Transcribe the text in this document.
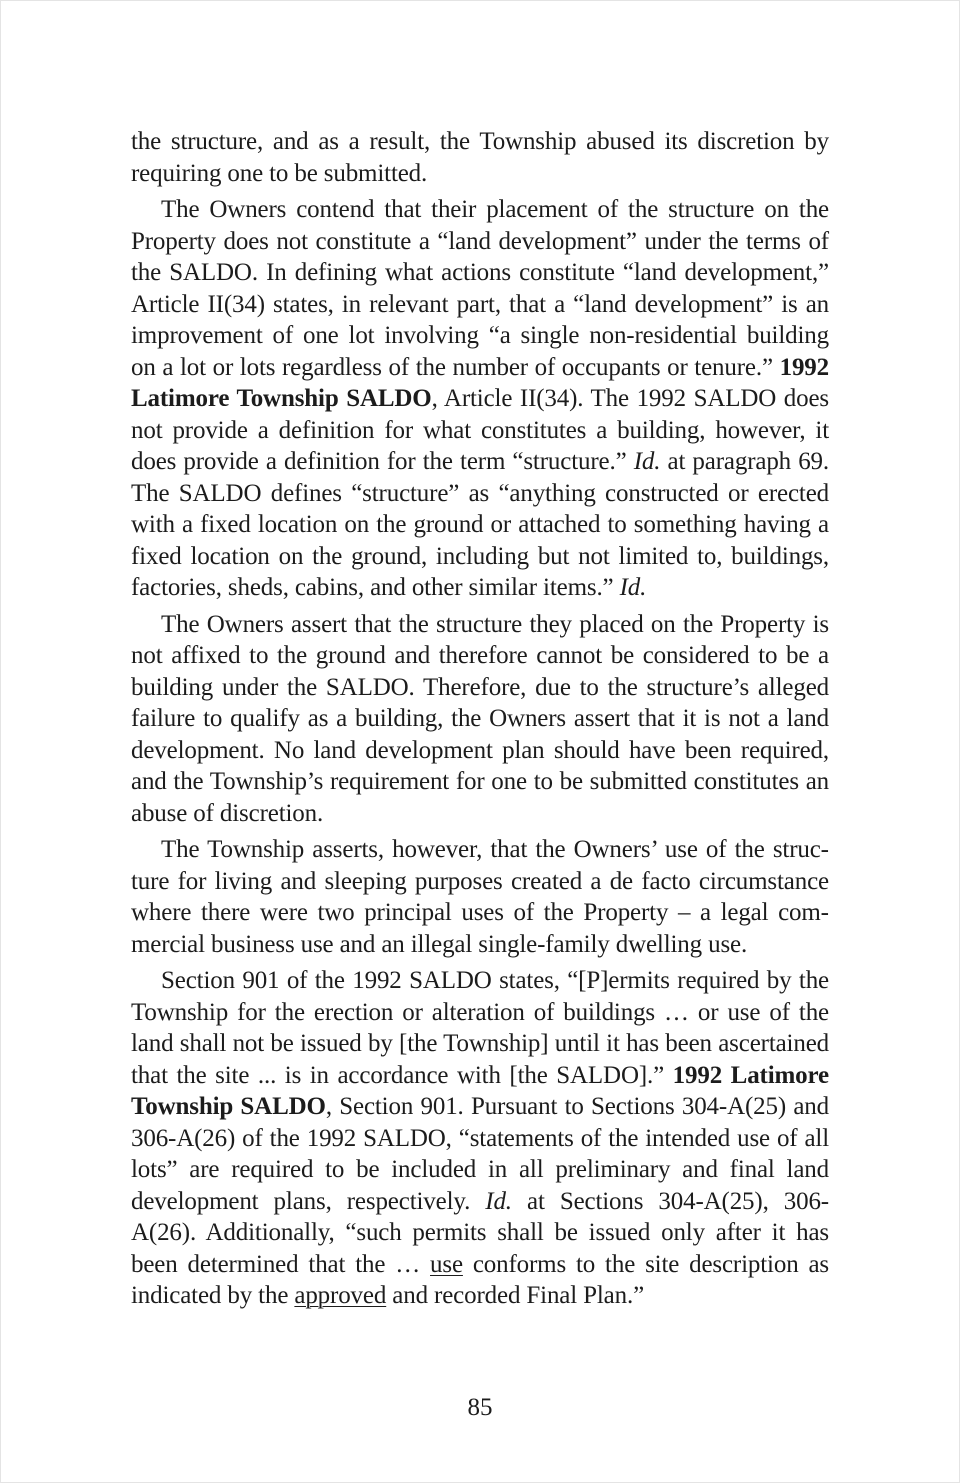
the structure, and as a result, the Township abused its discretion by requiring one to be submitted.

The Owners contend that their placement of the structure on the Property does not constitute a “land development” under the terms of the SALDO. In defining what actions constitute “land development,” Article II(34) states, in relevant part, that a “land development” is an improvement of one lot involving “a single non-residential building on a lot or lots regardless of the number of occupants or tenure.” 1992 Latimore Township SALDO, Article II(34). The 1992 SALDO does not provide a definition for what constitutes a building, however, it does provide a definition for the term “structure.” Id. at paragraph 69. The SALDO defines “structure” as “anything constructed or erected with a fixed location on the ground or attached to something having a fixed location on the ground, including but not limited to, buildings, factories, sheds, cabins, and other similar items.” Id.

The Owners assert that the structure they placed on the Property is not affixed to the ground and therefore cannot be considered to be a building under the SALDO. Therefore, due to the structure’s alleged failure to qualify as a building, the Owners assert that it is not a land development. No land development plan should have been required, and the Township’s requirement for one to be submitted constitutes an abuse of discretion.

The Township asserts, however, that the Owners’ use of the structure for living and sleeping purposes created a de facto circumstance where there were two principal uses of the Property – a legal commercial business use and an illegal single-family dwelling use.

Section 901 of the 1992 SALDO states, “[P]ermits required by the Township for the erection or alteration of buildings … or use of the land shall not be issued by [the Township] until it has been ascertained that the site ... is in accordance with [the SALDO].” 1992 Latimore Township SALDO, Section 901. Pursuant to Sections 304-A(25) and 306-A(26) of the 1992 SALDO, “statements of the intended use of all lots” are required to be included in all preliminary and final land development plans, respectively. Id. at Sections 304-A(25), 306-A(26). Additionally, “such permits shall be issued only after it has been determined that the … use conforms to the site description as indicated by the approved and recorded Final Plan.”

85
